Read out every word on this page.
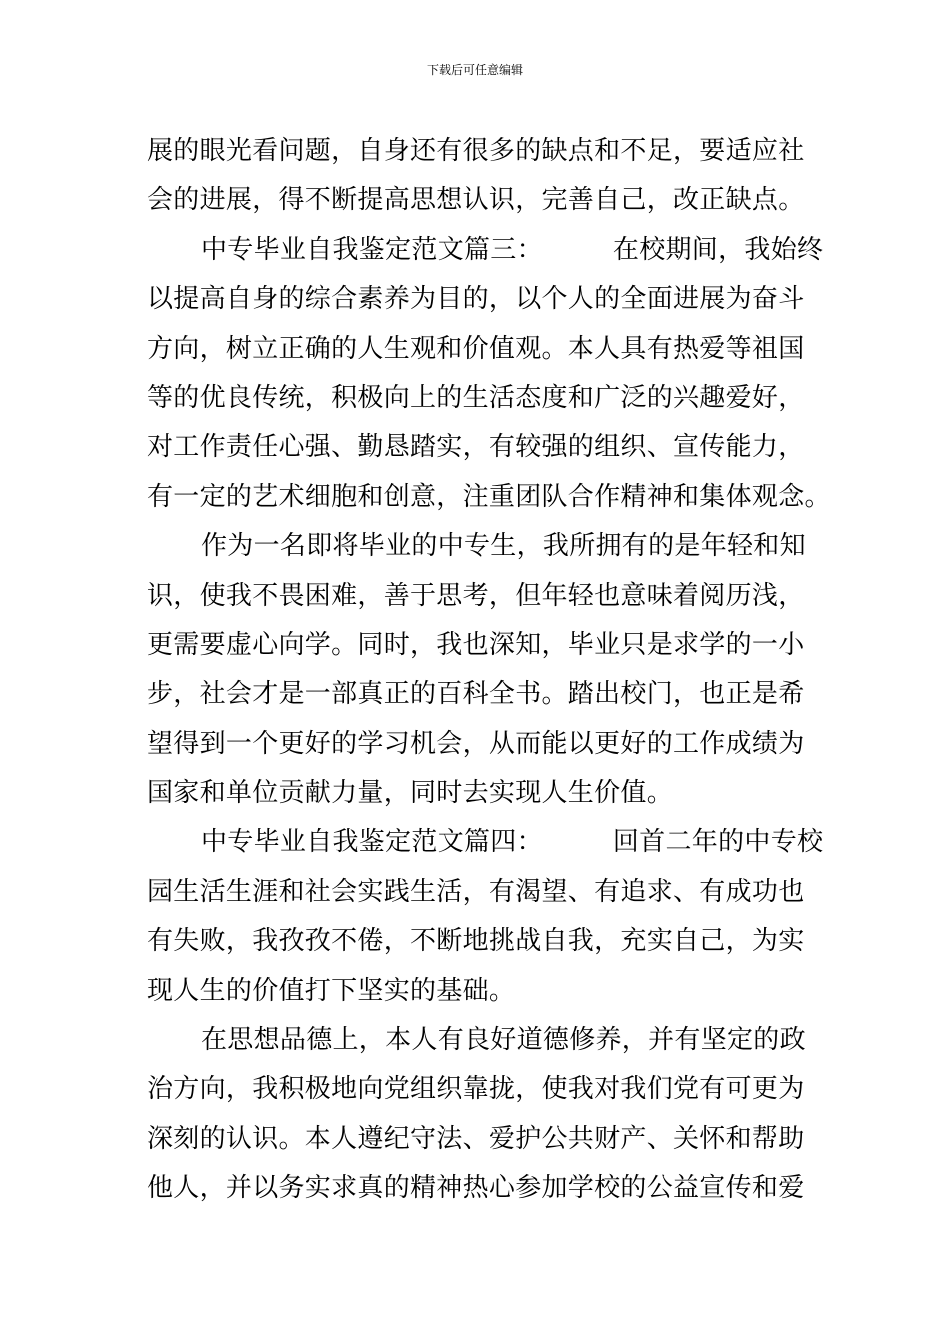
下载后可任意编辑
展的眼光看问题，自身还有很多的缺点和不足，要适应社
会的进展，得不断提高思想认识，完善自己，改正缺点。
中专毕业自我鉴定范文篇三：	在校期间，我始终
以提高自身的综合素养为目的，以个人的全面进展为奋斗
方向，树立正确的人生观和价值观。本人具有热爱等祖国
等的优良传统，积极向上的生活态度和广泛的兴趣爱好，
对工作责任心强、勤恳踏实，有较强的组织、宣传能力，
有一定的艺术细胞和创意，注重团队合作精神和集体观念。
作为一名即将毕业的中专生，我所拥有的是年轻和知
识，使我不畏困难，善于思考，但年轻也意味着阅历浅，
更需要虚心向学。同时，我也深知，毕业只是求学的一小
步，社会才是一部真正的百科全书。踏出校门，也正是希
望得到一个更好的学习机会，从而能以更好的工作成绩为
国家和单位贡献力量，同时去实现人生价值。
中专毕业自我鉴定范文篇四：	回首二年的中专校
园生活生涯和社会实践生活，有渴望、有追求、有成功也
有失败，我孜孜不倦，不断地挑战自我，充实自己，为实
现人生的价值打下坚实的基础。
在思想品德上，本人有良好道德修养，并有坚定的政
治方向，我积极地向党组织靠拢，使我对我们党有可更为
深刻的认识。本人遵纪守法、爱护公共财产、关怀和帮助
他人，并以务实求真的精神热心参加学校的公益宣传和爱
